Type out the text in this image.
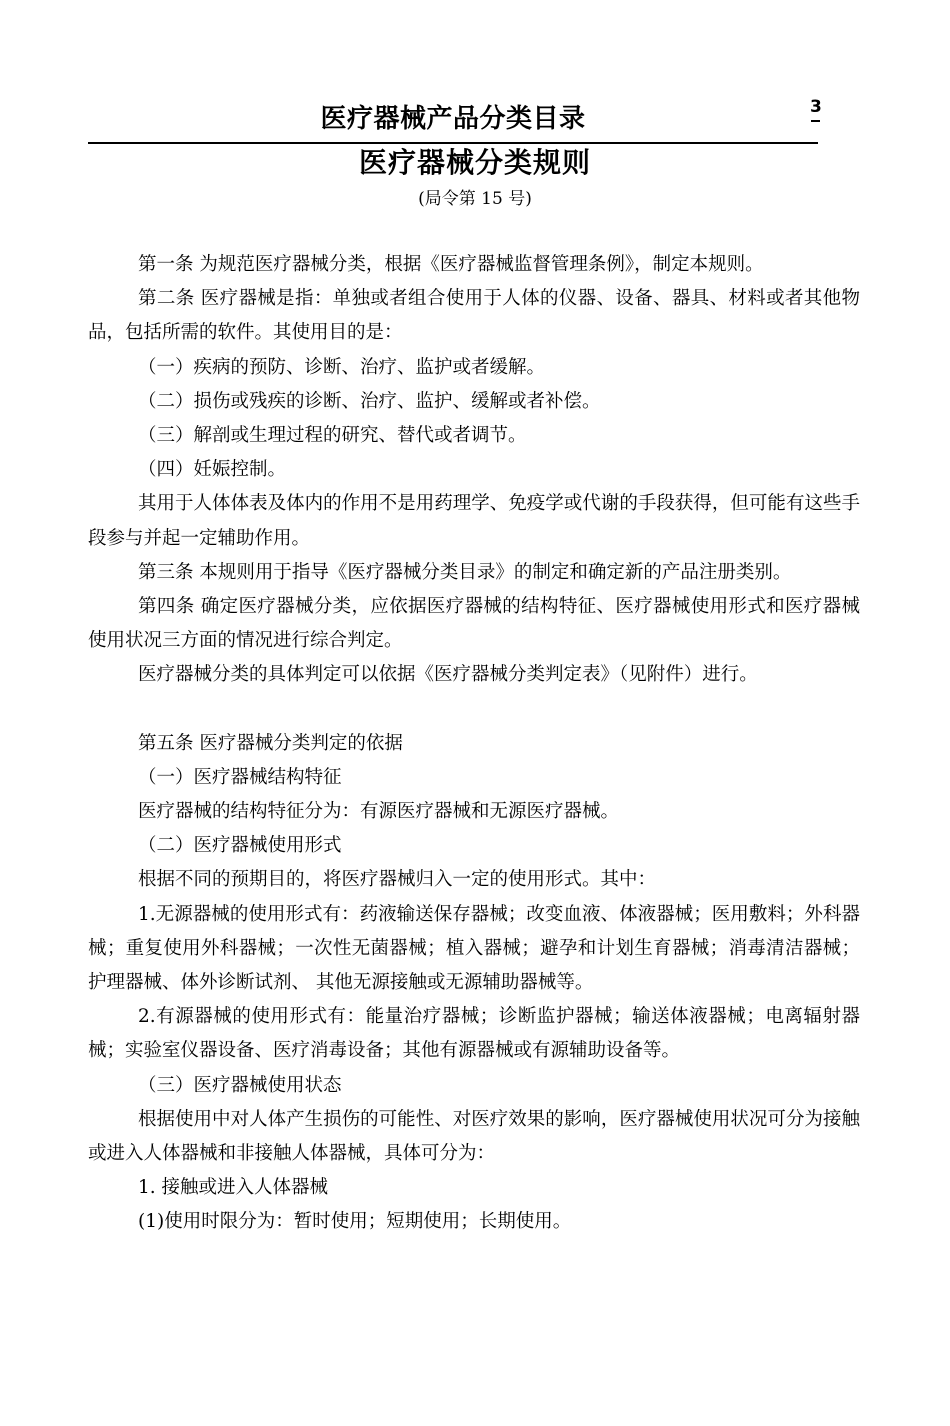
医疗器械产品分类目录	3
医疗器械分类规则
(局令第 15 号)

第一条 为规范医疗器械分类，根据《医疗器械监督管理条例》，制定本规则。

第二条 医疗器械是指：单独或者组合使用于人体的仪器、设备、器具、材料或者其他物品，包括所需的软件。其使用目的是：

（一）疾病的预防、诊断、治疗、监护或者缓解。

（二）损伤或残疾的诊断、治疗、监护、缓解或者补偿。

（三）解剖或生理过程的研究、替代或者调节。

（四）妊娠控制。

其用于人体体表及体内的作用不是用药理学、免疫学或代谢的手段获得，但可能有这些手段参与并起一定辅助作用。

第三条 本规则用于指导《医疗器械分类目录》的制定和确定新的产品注册类别。

第四条 确定医疗器械分类，应依据医疗器械的结构特征、医疗器械使用形式和医疗器械使用状况三方面的情况进行综合判定。

医疗器械分类的具体判定可以依据《医疗器械分类判定表》（见附件）进行。

第五条 医疗器械分类判定的依据

（一）医疗器械结构特征

医疗器械的结构特征分为：有源医疗器械和无源医疗器械。

（二）医疗器械使用形式

根据不同的预期目的，将医疗器械归入一定的使用形式。其中：

1.无源器械的使用形式有：药液输送保存器械；改变血液、体液器械；医用敷料；外科器械；重复使用外科器械；一次性无菌器械；植入器械；避孕和计划生育器械；消毒清洁器械；护理器械、体外诊断试剂、 其他无源接触或无源辅助器械等。

2.有源器械的使用形式有：能量治疗器械；诊断监护器械；输送体液器械；电离辐射器械；实验室仪器设备、医疗消毒设备；其他有源器械或有源辅助设备等。

（三）医疗器械使用状态

根据使用中对人体产生损伤的可能性、对医疗效果的影响，医疗器械使用状况可分为接触或进入人体器械和非接触人体器械，具体可分为：

1. 接触或进入人体器械

(1)使用时限分为：暂时使用；短期使用；长期使用。
